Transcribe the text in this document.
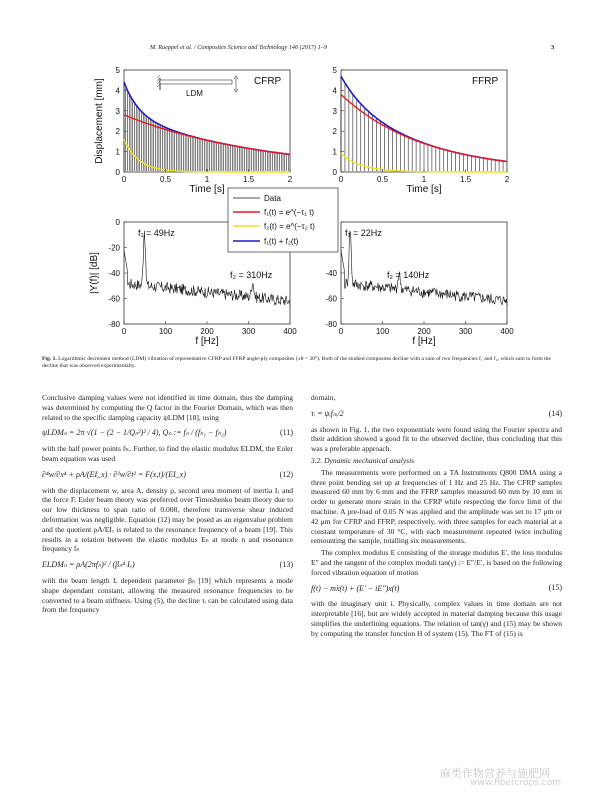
M. Rueppel et al. / Composites Science and Technology 146 (2017) 1–9	3
LDM
CFRP
0	0.5	1	1.5	2
0
1
2
3
4
5
Time [s]
Displacement [mm]	FFRP
0	0.5	1	1.5	2
0
1
2
3
4
5
Time [s]
f₁ = 49Hz
f₂ = 310Hz
0	100	200	300	400
-80
-60
-40
-20
0
f [Hz]
|Y(f)| [dB]
f₁ = 22Hz
f₂ = 140Hz
0	100	200	300	400
-80
-60
-40
f [Hz]
Data
f₁(t) = e^(−τ₁ t)
f₂(t) = e^(−τ₂ t)
f₁(t) + f₂(t)
Fig. 1. Logarithmic decrement method (LDM) vibration of representative CFRP and FFRP angle-ply composites (±θ = 30°). Both of the studied composites decline with a sum of two frequencies f₁ and f₂, which sum to form the decline that was observed experimentally.

Conclusive damping values were not identified in time domain, thus the damping was determined by computing the Q factor in the Fourier Domain, which was then related to the specific damping capacity ψLDM [18], using

ψLDMₙ = 2π √(1 − (2 − 1/Qₙ²)² / 4), Qₙ := fₙ / (fₕ₁ − fₕ₂)	(11)

with the half power points fₕᵢ. Further, to find the elastic modulus ELDM, the Euler beam equation was used

∂⁴w/∂x⁴ + ρA/(EI_x) · ∂²w/∂t² = F(x,t)/(EI_x)	(12)

with the displacement w, area A, density ρ, second area moment of inertia Iₓ and the force F. Euler beam theory was preferred over Timoshenko beam theory due to our low thickness to span ratio of 0.008, therefore transverse shear induced deformation was negligible. Equation (12) may be posed as an eigenvalue problem and the quotient ρA/EIₓ is related to the resonance frequency of a beam [19]. This results in a relation between the elastic modulus Eₙ at mode n and resonance frequency fₙ

ELDMₙ = ρA(2πfₙ)² / (βₙ⁴ Iₓ)	(13)

with the beam length L dependent parameter βₙ [19] which represents a mode shape dependant constant, allowing the measured resonance frequencies to be converted to a beam stiffness. Using (5), the decline τᵢ can be calculated using data from the frequency

domain,

τᵢ = ψᵢfₙᵢ/2	(14)

as shown in Fig. 1, the two exponentials were found using the Fourier spectra and their addition showed a good fit to the observed decline, thus concluding that this was a preferable approach.

3.2. Dynamic mechanical analysis

The measurements were performed on a TA Instruments Q800 DMA using a three point bending set up at frequencies of 1 Hz and 25 Hz. The CFRP samples measured 60 mm by 6 mm and the FFRP samples measured 60 mm by 10 mm in order to generate more strain in the CFRP while respecting the force limit of the machine. A pre-load of 0.05 N was applied and the amplitude was set to 17 μm or 42 μm for CFRP and FFRP, respectively, with three samples for each material at a constant temperature of 30 °C, with each measurement repeated twice including remounting the sample, totalling six measurements.

The complex modulus E consisting of the storage modulus E′, the loss modulus E″ and the tangent of the complex moduli tan(γ) := E″/E′, is based on the following forced vibration equation of motion

f(t) − mẍ(t) + (E′ − iE″)x(t)	(15)

with the imaginary unit i. Physically, complex values in time domain are not interpretable [16], but are widely accepted in material damping because this usage simplifies the underlining equations. The relation of tan(γ) and (15) may be shown by computing the transfer function H of system (15). The FT of (15) is

麻类作物营养与施肥网
www.fibercrops.com
